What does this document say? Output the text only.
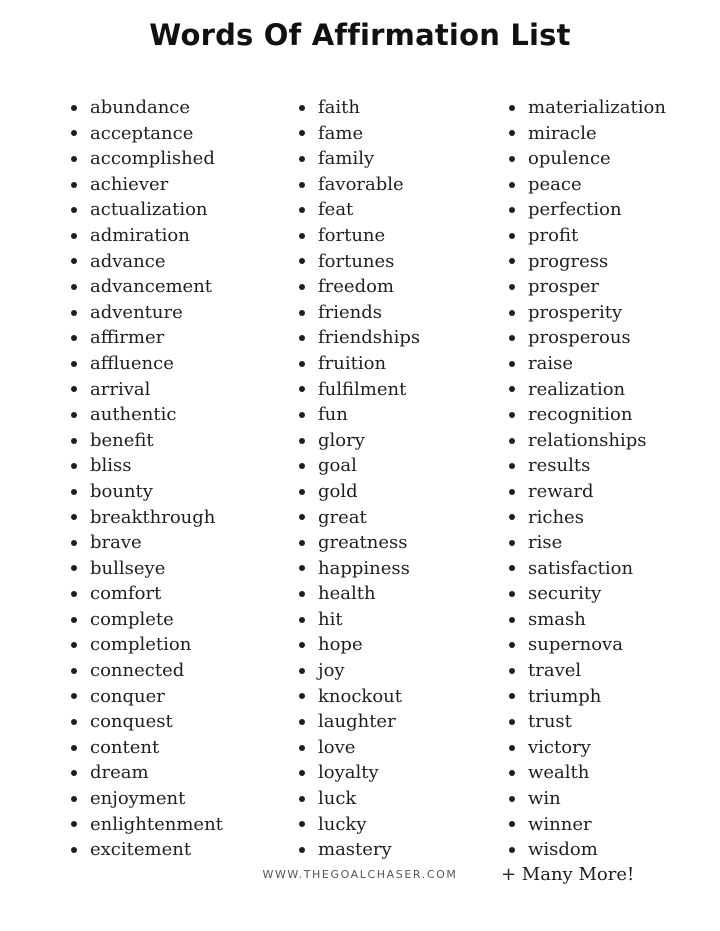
Words Of Affirmation List
abundance
acceptance
accomplished
achiever
actualization
admiration
advance
advancement
adventure
affirmer
affluence
arrival
authentic
benefit
bliss
bounty
breakthrough
brave
bullseye
comfort
complete
completion
connected
conquer
conquest
content
dream
enjoyment
enlightenment
excitement
faith
fame
family
favorable
feat
fortune
fortunes
freedom
friends
friendships
fruition
fulfilment
fun
glory
goal
gold
great
greatness
happiness
health
hit
hope
joy
knockout
laughter
love
loyalty
luck
lucky
mastery
materialization
miracle
opulence
peace
perfection
profit
progress
prosper
prosperity
prosperous
raise
realization
recognition
relationships
results
reward
riches
rise
satisfaction
security
smash
supernova
travel
triumph
trust
victory
wealth
win
winner
wisdom
+ Many More!
WWW.THEGOALCHASER.COM
